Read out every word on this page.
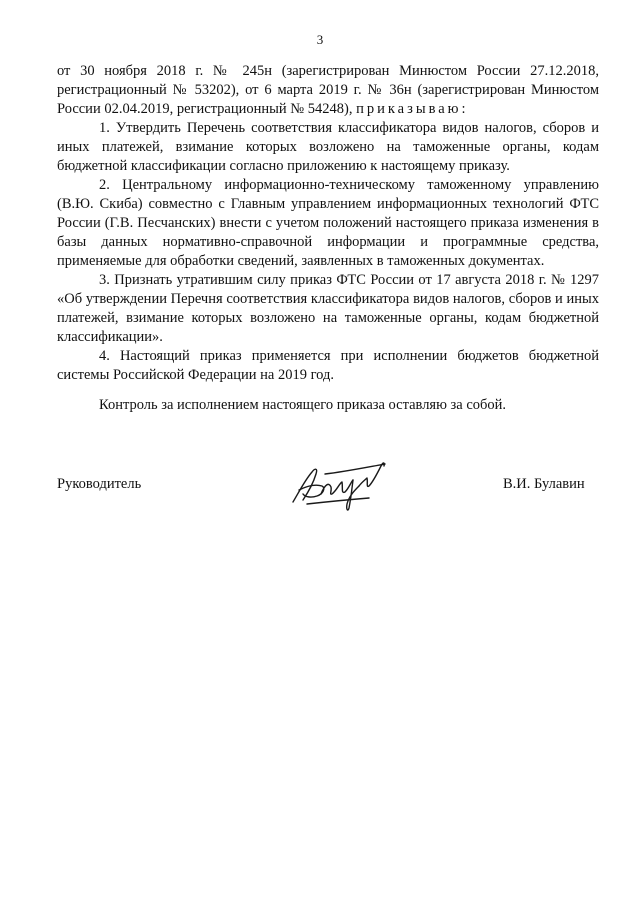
3

от 30 ноября 2018 г. № 245н (зарегистрирован Минюстом России 27.12.2018, регистрационный № 53202), от 6 марта 2019 г. № 36н (зарегистрирован Минюстом России 02.04.2019, регистрационный № 54248), приказываю:

1. Утвердить Перечень соответствия классификатора видов налогов, сборов и иных платежей, взимание которых возложено на таможенные органы, кодам бюджетной классификации согласно приложению к настоящему приказу.

2. Центральному информационно-техническому таможенному управлению (В.Ю. Скиба) совместно с Главным управлением информационных технологий ФТС России (Г.В. Песчанских) внести с учетом положений настоящего приказа изменения в базы данных нормативно-справочной информации и программные средства, применяемые для обработки сведений, заявленных в таможенных документах.

3. Признать утратившим силу приказ ФТС России от 17 августа 2018 г. № 1297 «Об утверждении Перечня соответствия классификатора видов налогов, сборов и иных платежей, взимание которых возложено на таможенные органы, кодам бюджетной классификации».

4. Настоящий приказ применяется при исполнении бюджетов бюджетной системы Российской Федерации на 2019 год.

Контроль за исполнением настоящего приказа оставляю за собой.
Руководитель	В.И. Булавин
